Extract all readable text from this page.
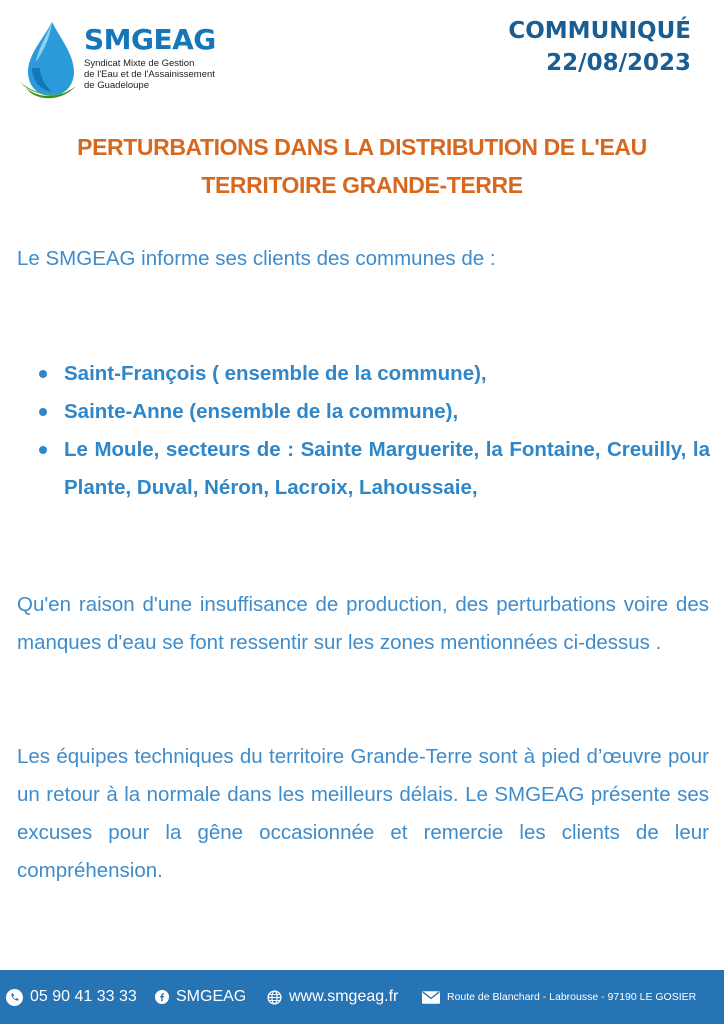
SMGEAG
Syndicat Mixte de Gestion
de l'Eau et de l'Assainissement
de Guadeloupe
COMMUNIQUÉ
22/08/2023
PERTURBATIONS DANS LA DISTRIBUTION DE L'EAU
TERRITOIRE GRANDE-TERRE

Le SMGEAG informe ses clients des communes de :

Saint-François ( ensemble de la commune),
Sainte-Anne (ensemble de la commune),
Le Moule, secteurs de : Sainte Marguerite, la Fontaine, Creuilly, la Plante, Duval, Néron, Lacroix, Lahoussaie,

Qu'en raison d'une insuffisance de production, des perturbations voire des manques d'eau se font ressentir sur les zones mentionnées ci-dessus .

Les équipes techniques du territoire Grande-Terre sont à pied d’œuvre pour un retour à la normale dans les meilleurs délais. Le SMGEAG présente ses excuses pour la gêne occasionnée et remercie les clients de leur compréhension.

05 90 41 33 33 SMGEAG	www.smgeag.fr	Route de Blanchard - Labrousse - 97190 LE GOSIER
